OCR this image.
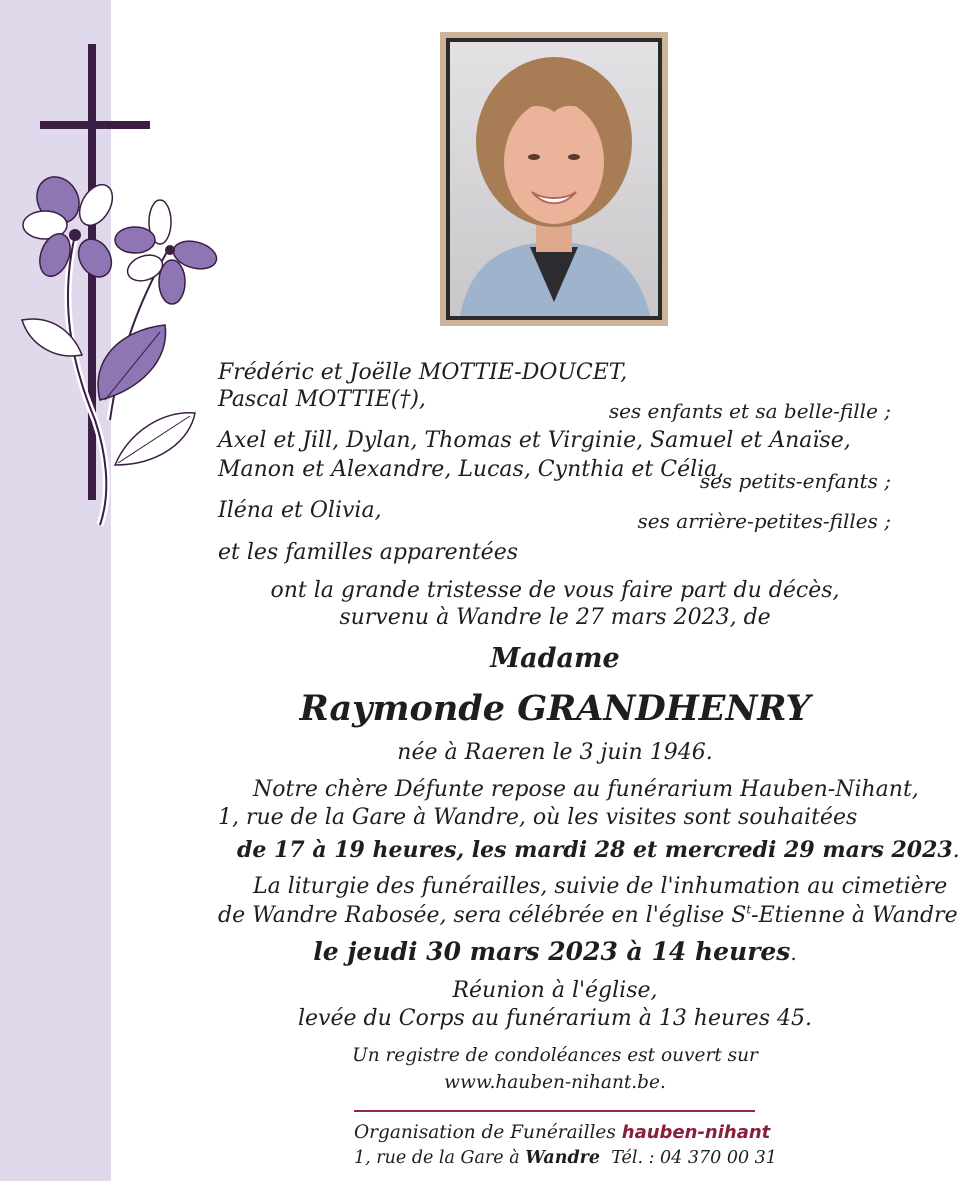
Frédéric et Joëlle MOTTIE-DOUCET,
Pascal MOTTIE(†),	ses enfants et sa belle-fille ;
Axel et Jill, Dylan, Thomas et Virginie, Samuel et Anaïse,
Manon et Alexandre, Lucas, Cynthia et Célia,
ses petits-enfants ;
Iléna et Olivia,	ses arrière-petites-filles ;
et les familles apparentées
ont la grande tristesse de vous faire part du décès,
survenu à Wandre le 27 mars 2023, de
Madame
Raymonde GRANDHENRY
née à Raeren le 3 juin 1946.
Notre chère Défunte repose au funérarium Hauben-Nihant,
1, rue de la Gare à Wandre, où les visites sont souhaitées
de 17 à 19 heures, les mardi 28 et mercredi 29 mars 2023.
La liturgie des funérailles, suivie de l'inhumation au cimetière
de Wandre Rabosée, sera célébrée en l'église $S^t$-Etienne à Wandre
le jeudi 30 mars 2023 à 14 heures.
Réunion à l'église,
levée du Corps au funérarium à 13 heures 45.
Un registre de condoléances est ouvert sur
www.hauben-nihant.be.
Organisation de Funérailles hauben-nihant
1, rue de la Gare à Wandre Tél. : 04 370 00 31
